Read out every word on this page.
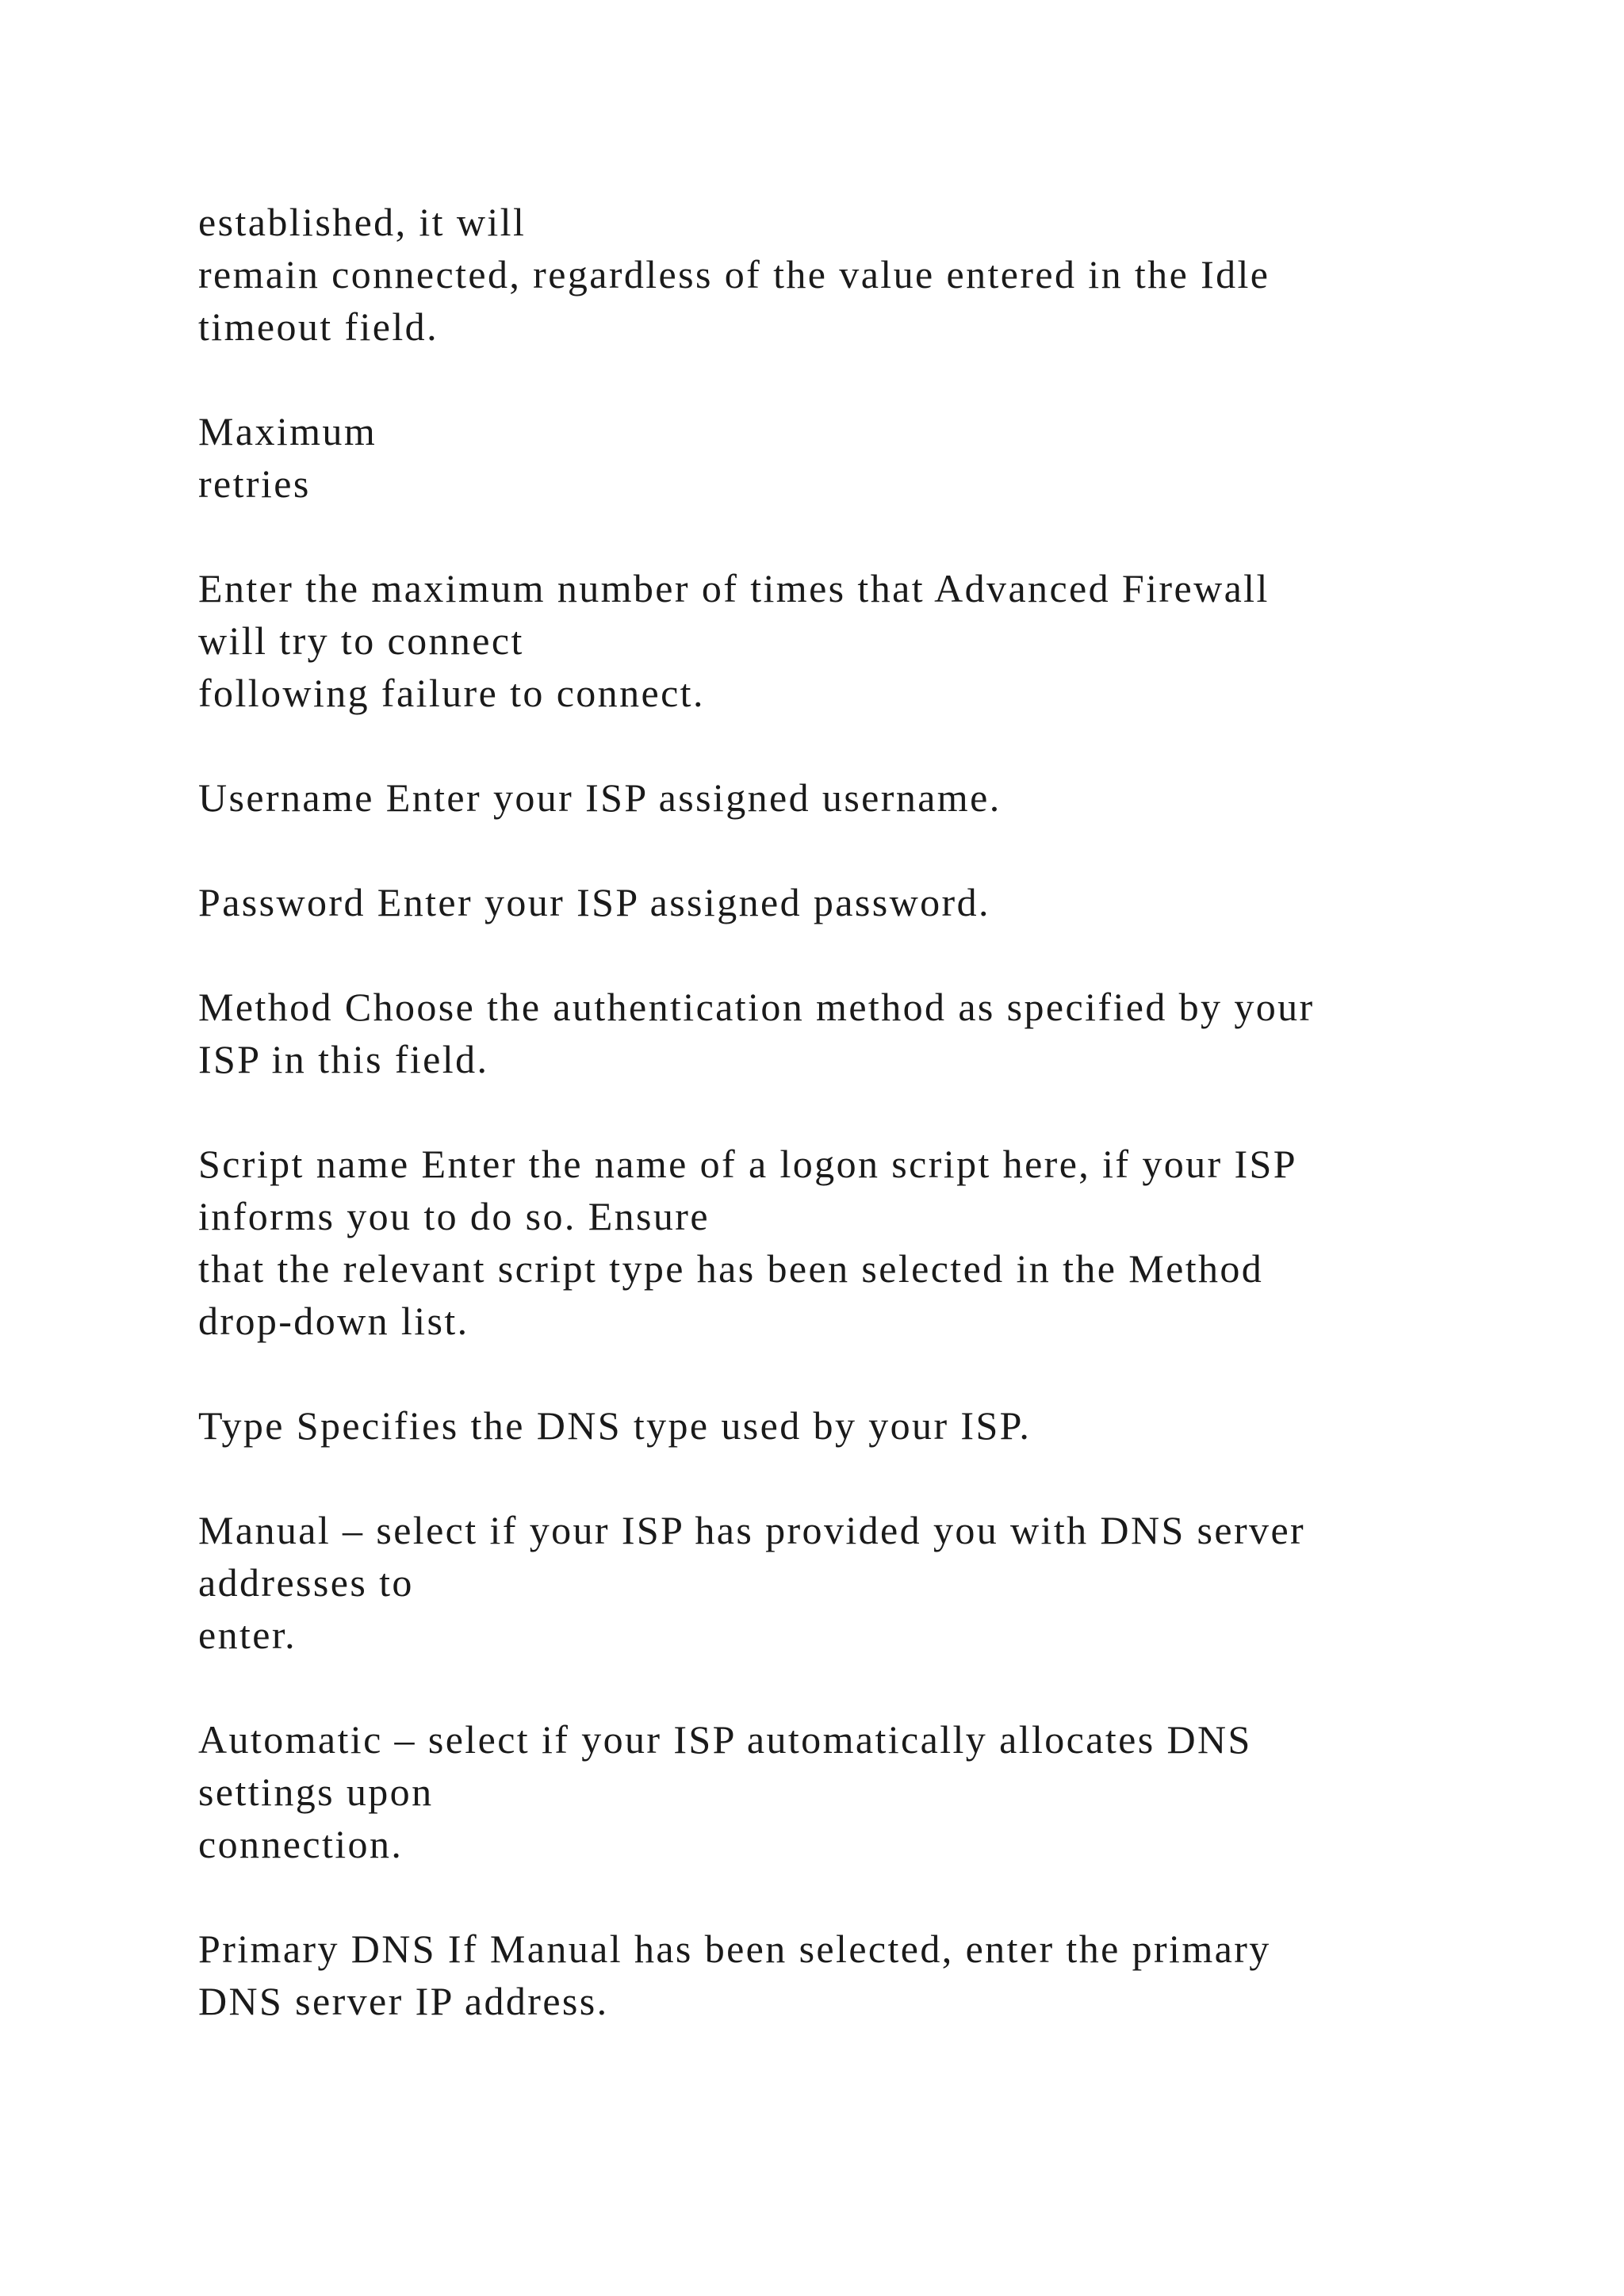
established, it will
remain connected, regardless of the value entered in the Idle
timeout field.

Maximum
retries

Enter the maximum number of times that Advanced Firewall
will try to connect
following failure to connect.

Username Enter your ISP assigned username.

Password Enter your ISP assigned password.

Method Choose the authentication method as specified by your
ISP in this field.

Script name Enter the name of a logon script here, if your ISP
informs you to do so. Ensure
that the relevant script type has been selected in the Method
drop-down list.

Type Specifies the DNS type used by your ISP.

Manual – select if your ISP has provided you with DNS server
addresses to
enter.

Automatic – select if your ISP automatically allocates DNS
settings upon
connection.

Primary DNS If Manual has been selected, enter the primary
DNS server IP address.
